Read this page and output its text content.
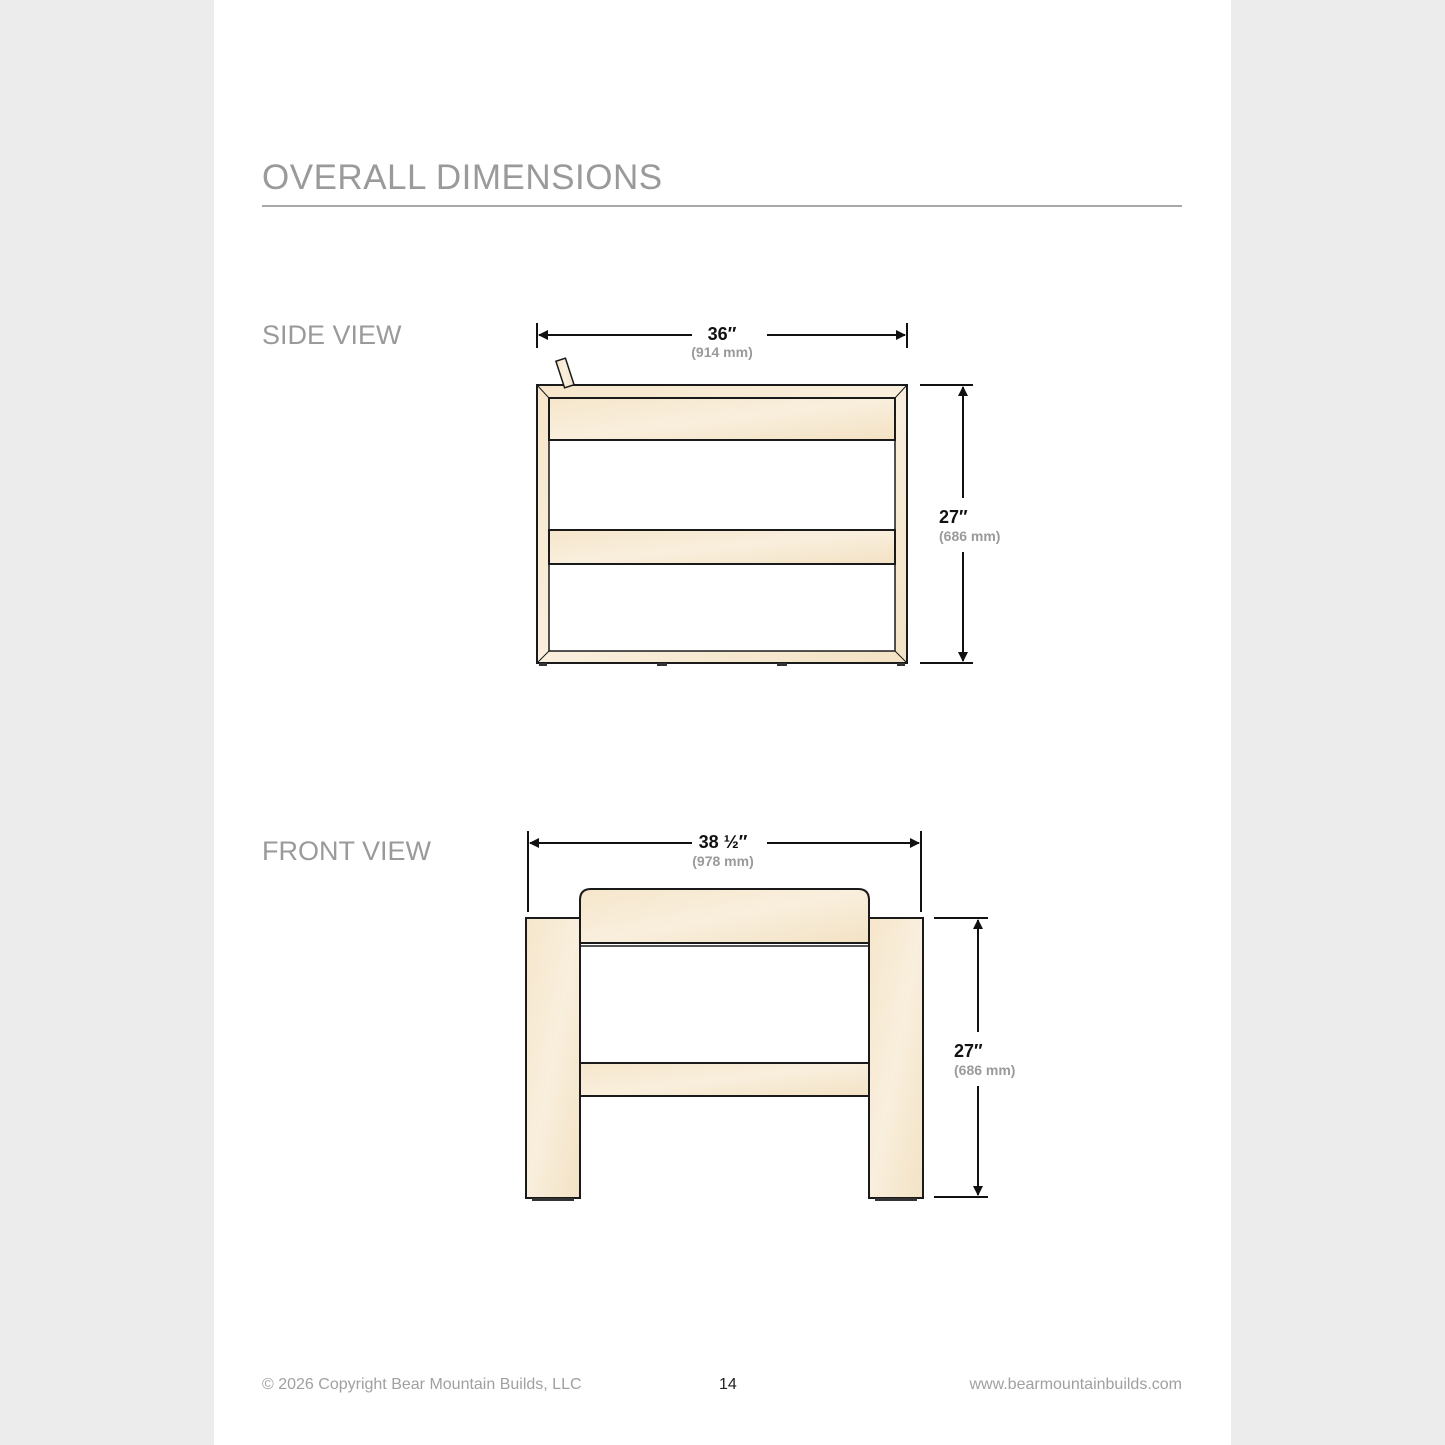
OVERALL DIMENSIONS
SIDE VIEW
FRONT VIEW
36″
(914 mm)
27″
(686 mm)
38 ½″
(978 mm)
27″
(686 mm)
© 2026 Copyright Bear Mountain Builds, LLC	14	www.bearmountainbuilds.com
